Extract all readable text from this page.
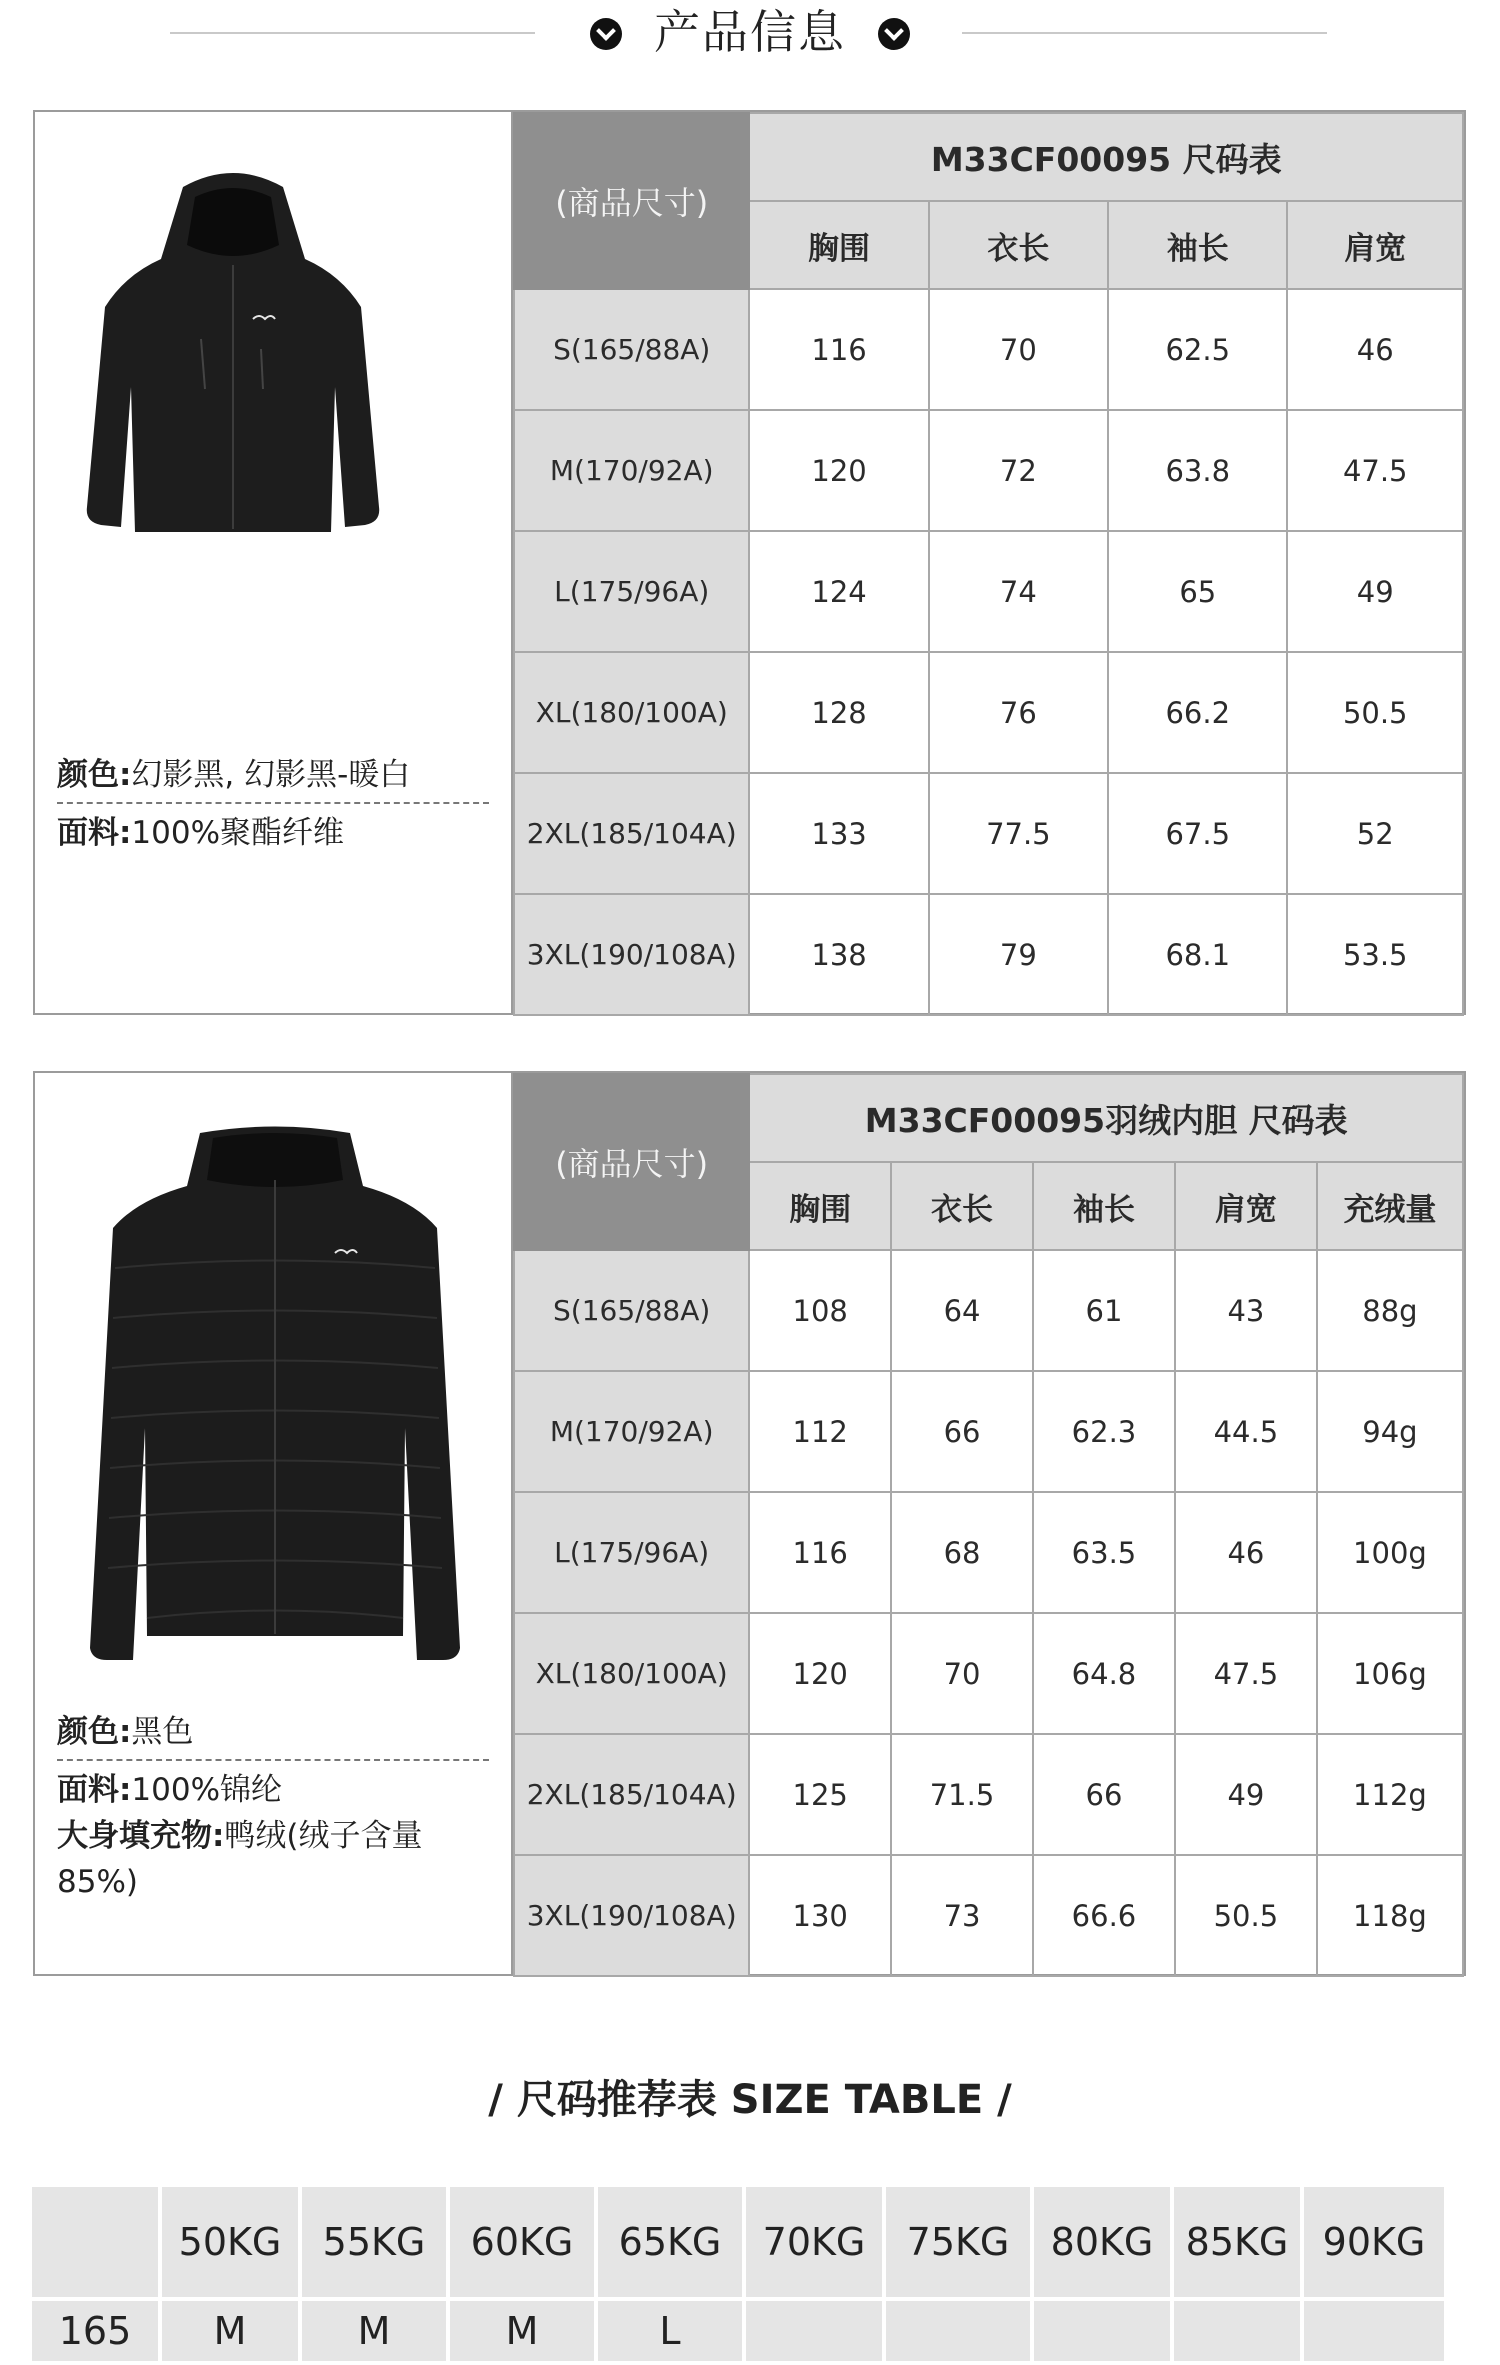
产品信息
颜色:幻影黑, 幻影黑-暖白
面料:100%聚酯纤维
(商品尺寸)	M33CF00095 尺码表			
	胸围	衣长	袖长	肩宽
S(165/88A)	116	70	62.5	46
M(170/92A)	120	72	63.8	47.5
L(175/96A)	124	74	65	49
XL(180/100A)	128	76	66.2	50.5
2XL(185/104A)	133	77.5	67.5	52
3XL(190/108A)	138	79	68.1	53.5
颜色:黑色
面料:100%锦纶
大身填充物:鸭绒(绒子含量85%)
(商品尺寸)	M33CF00095羽绒内胆 尺码表				
	胸围	衣长	袖长	肩宽	充绒量
S(165/88A)	108	64	61	43	88g
M(170/92A)	112	66	62.3	44.5	94g
L(175/96A)	116	68	63.5	46	100g
XL(180/100A)	120	70	64.8	47.5	106g
2XL(185/104A)	125	71.5	66	49	112g
3XL(190/108A)	130	73	66.6	50.5	118g
/ 尺码推荐表 SIZE TABLE /
	50KG	55KG	60KG	65KG	70KG	75KG	80KG	85KG	90KG
165	M	M	M	L					
